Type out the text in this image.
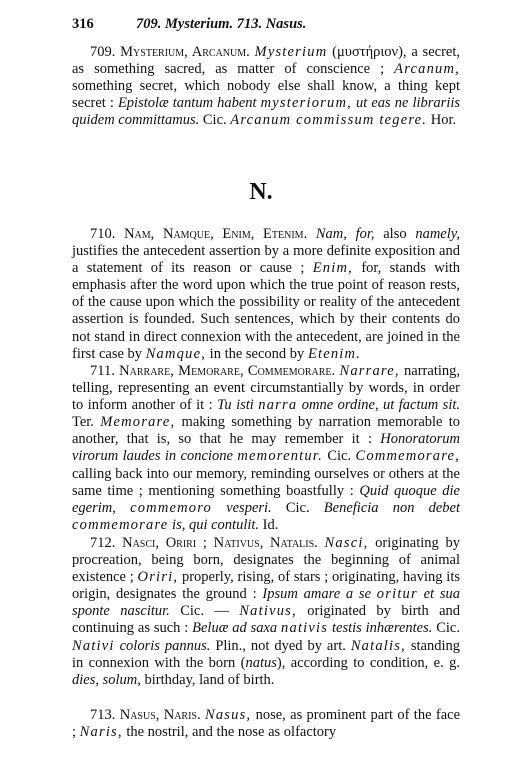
316	709. Mysterium. 713. Nasus.

709. Mysterium, Arcanum. Mysterium (μυστήριον), a secret, as something sacred, as matter of conscience ; Arcanum, something secret, which nobody else shall know, a thing kept secret : Epistolæ tantum habent mysteriorum, ut eas ne librariis quidem committamus. Cic. Arcanum commissum tegere. Hor.

N.

710. Nam, Namque, Enim, Etenim. Nam, for, also namely, justifies the antecedent assertion by a more definite exposition and a statement of its reason or cause ; Enim, for, stands with emphasis after the word upon which the true point of reason rests, of the cause upon which the possibility or reality of the antecedent assertion is founded. Such sentences, which by their contents do not stand in direct connexion with the antecedent, are joined in the first case by Namque, in the second by Etenim.

711. Narrare, Memorare, Commemorare. Narrare, narrating, telling, representing an event circumstantially by words, in order to inform another of it : Tu isti narra omne ordine, ut factum sit. Ter. Memorare, making something by narration memorable to another, that is, so that he may remember it : Honoratorum virorum laudes in concione memorentur. Cic. Commemorare, calling back into our memory, reminding ourselves or others at the same time ; mentioning something boastfully : Quid quoque die egerim, commemoro vesperi. Cic. Beneficia non debet commemorare is, qui contulit. Id.

712. Nasci, Oriri ; Nativus, Natalis. Nasci, originating by procreation, being born, designates the beginning of animal existence ; Oriri, properly, rising, of stars ; originating, having its origin, designates the ground : Ipsum amare a se oritur et sua sponte nascitur. Cic. — Nativus, originated by birth and continuing as such : Beluæ ad saxa nativis testis inhærentes. Cic. Nativi coloris pannus. Plin., not dyed by art. Natalis, standing in connexion with the born (natus), according to condition, e. g. dies, solum, birthday, land of birth.

713. Nasus, Naris. Nasus, nose, as prominent part of the face ; Naris, the nostril, and the nose as olfactory
